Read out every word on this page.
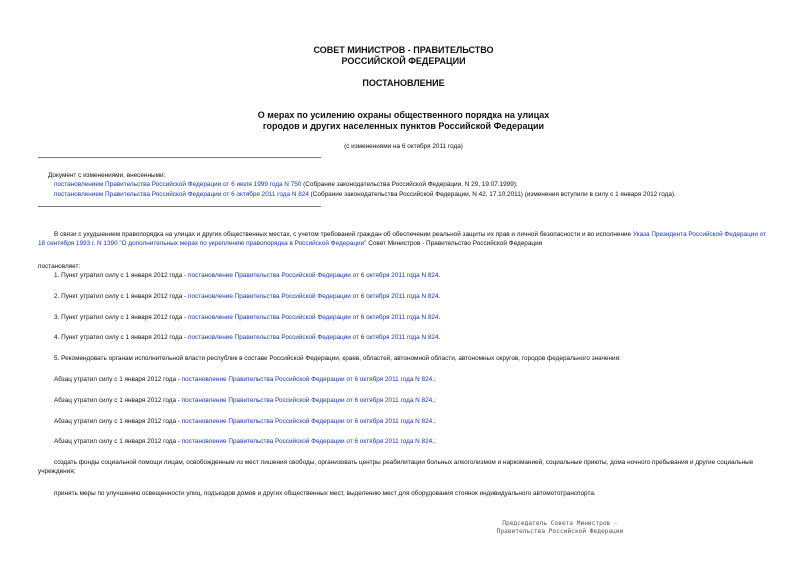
СОВЕТ МИНИСТРОВ - ПРАВИТЕЛЬСТВО
РОССИЙСКОЙ ФЕДЕРАЦИИ
ПОСТАНОВЛЕНИЕ
О мерах по усилению охраны общественного порядка на улицах
городов и других населенных пунктов Российской Федерации
(с изменениями на 6 октября 2011 года)
Документ с изменениями, внесенными:
постановлением Правительства Российской Федерации от 6 июля 1999 года N 750 (Собрание законодательства Российской Федерации, N 29, 19.07.1999);
постановлением Правительства Российской Федерации от 6 октября 2011 года N 824 (Собрание законодательства Российской Федерации, N 42, 17.10.2011) (изменения вступили в силу с 1 января 2012 года).
В связи с ухудшением правопорядка на улицах и других общественных местах, с учетом требований граждан об обеспечении реальной защиты их прав и личной безопасности и во исполнение Указа Президента Российской Федерации от 18 сентября 1993 г. N 1390 "О дополнительных мерах по укреплению правопорядка в Российской Федерации" Совет Министров - Правительство Российской Федерации
постановляет:
1. Пункт утратил силу с 1 января 2012 года - постановление Правительства Российской Федерации от 6 октября 2011 года N 824.
2. Пункт утратил силу с 1 января 2012 года - постановление Правительства Российской Федерации от 6 октября 2011 года N 824.
3. Пункт утратил силу с 1 января 2012 года - постановление Правительства Российской Федерации от 6 октября 2011 года N 824.
4. Пункт утратил силу с 1 января 2012 года - постановление Правительства Российской Федерации от 6 октября 2011 года N 824.
5. Рекомендовать органам исполнительной власти республик в составе Российской Федерации, краев, областей, автономной области, автономных округов, городов федерального значения:
Абзац утратил силу с 1 января 2012 года - постановление Правительства Российской Федерации от 6 октября 2011 года N 824.;
Абзац утратил силу с 1 января 2012 года - постановление Правительства Российской Федерации от 6 октября 2011 года N 824.;
Абзац утратил силу с 1 января 2012 года - постановление Правительства Российской Федерации от 6 октября 2011 года N 824.;
Абзац утратил силу с 1 января 2012 года - постановление Правительства Российской Федерации от 6 октября 2011 года N 824.;
создать фонды социальной помощи лицам, освобожденным из мест лишения свободы, организовать центры реабилитации больных алкоголизмом и наркоманией, социальные приюты, дома ночного пребывания и другие социальные учреждения;
принять меры по улучшению освещенности улиц, подъездов домов и других общественных мест, выделению мест для оборудования стоянок индивидуального автомототранспорта.
Председатель Совета Министров -
Правительства Российской Федерации
